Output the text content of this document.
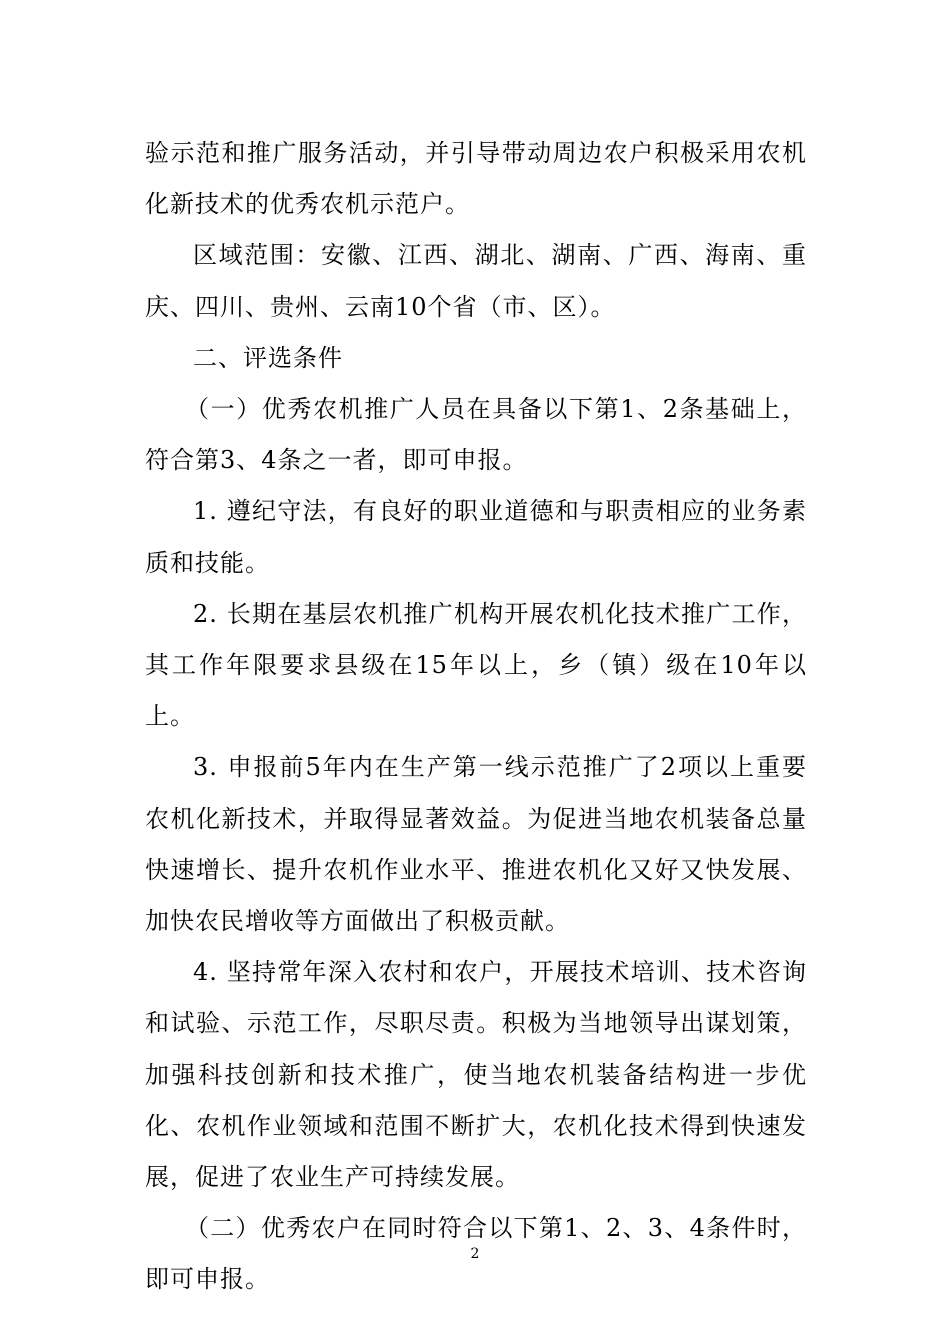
验示范和推广服务活动，并引导带动周边农户积极采用农机化新技术的优秀农机示范户。

区域范围：安徽、江西、湖北、湖南、广西、海南、重庆、四川、贵州、云南10个省（市、区）。

二、评选条件

（一）优秀农机推广人员在具备以下第1、2条基础上，符合第3、4条之一者，即可申报。

1. 遵纪守法，有良好的职业道德和与职责相应的业务素质和技能。

2. 长期在基层农机推广机构开展农机化技术推广工作，其工作年限要求县级在15年以上，乡（镇）级在10年以上。

3. 申报前5年内在生产第一线示范推广了2项以上重要农机化新技术，并取得显著效益。为促进当地农机装备总量快速增长、提升农机作业水平、推进农机化又好又快发展、加快农民增收等方面做出了积极贡献。

4. 坚持常年深入农村和农户，开展技术培训、技术咨询和试验、示范工作，尽职尽责。积极为当地领导出谋划策，加强科技创新和技术推广，使当地农机装备结构进一步优化、农机作业领域和范围不断扩大，农机化技术得到快速发展，促进了农业生产可持续发展。

（二）优秀农户在同时符合以下第1、2、3、4条件时，即可申报。

2
